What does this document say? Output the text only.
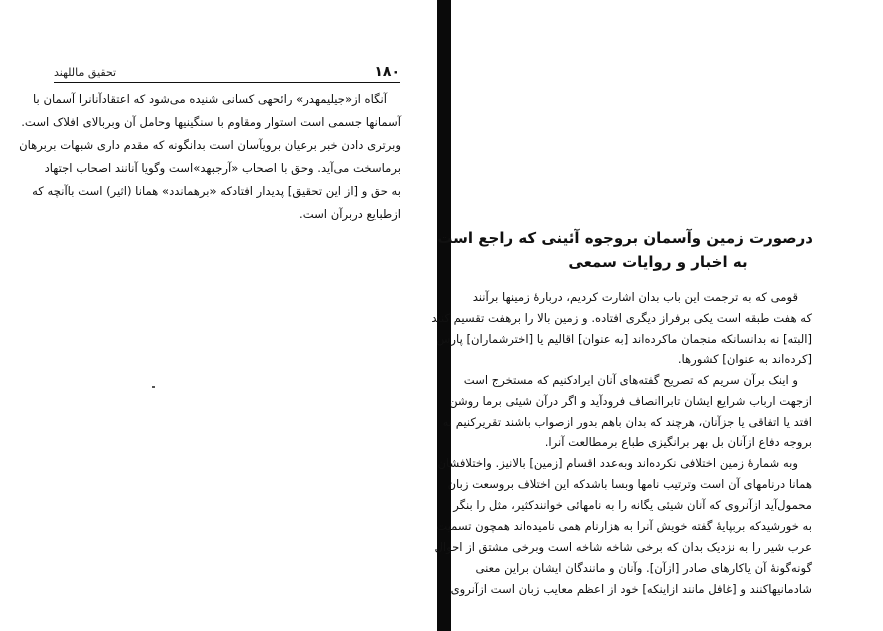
۱۸۰
تحقیق ماللهند
آنگاه از«جیلیمهدر» رائحهی کسانی شنیده می‌شود که اعتقادآنانرا آسمان با
آسمانها جسمی است استوار ومقاوم با سنگینیها وحامل آن وبربالای افلاک است.
وبرتری دادن خبر برعیان برویآسان است بدانگونه که مقدم داری شبهات بربرهان
برماسخت می‌آید. وحق با اصحاب «آرجبهد»است وگویا آنانند اصحاب اجتهاد
به حق و [از این تحقیق] پدیدار افتادکه «برهماندد» همانا (اثیر) است باآنچه که
ازطبایع دربرآن است.
درصورت زمین وآسمان بروجوه آئینی که راجع است
به اخبار و روایات سمعی
قومی که به ترجمت این باب بدان اشارت کردیم، دربارهٔ زمینها برآنند
که هفت طبقه است یکی برفراز دیگری افتاده. و زمین بالا را برهفت تقسیم کنند
[البته] نه بدانسانکه منجمان ماکرده‌اند [به عنوان] اقالیم یا [اخترشماران] پارس
[کرده‌اند به عنوان] کشورها.
و اینک برآن سریم که تصریح گفته‌های آنان ایرادکنیم که مستخرج است
ازجهت ارباب شرایع ایشان تابراانصاف فرودآید و اگر درآن شیئی برما روشن
افتد یا اتفاقی یا جزآنان، هرچند که بدان باهم بدور ازصواب باشند تقریرکنیم نه
بروجه دفاع ازآنان بل بهر برانگیزی طباع برمطالعت آنرا.
وبه شمارهٔ زمین اختلافی نکرده‌اند وبه‌عدد اقسام [زمین] بالانیز. واختلافشان
همانا درنامهای آن است وترتیب نامها وبسا باشدکه این اختلاف بروسعت زبان
محمول‌آید ازآنروی که آنان شیئی یگانه را به نامهائی خوانندکثیر، مثل را بنگر
به خورشیدکه بربپایهٔ گفته خویش آنرا به هزارنام همی نامیده‌اند همچون تسمیت
عرب شیر را به نزدیک بدان که برخی شاخه شاخه است وبرخی مشتق از احوال
گونه‌گونهٔ آن یاکارهای صادر [ازآن]. وآنان و مانندگان ایشان براین معنی
شادمانیها‌کنند و [غافل مانند ازاینکه] خود از اعظم معایب زبان است ازآنروی
